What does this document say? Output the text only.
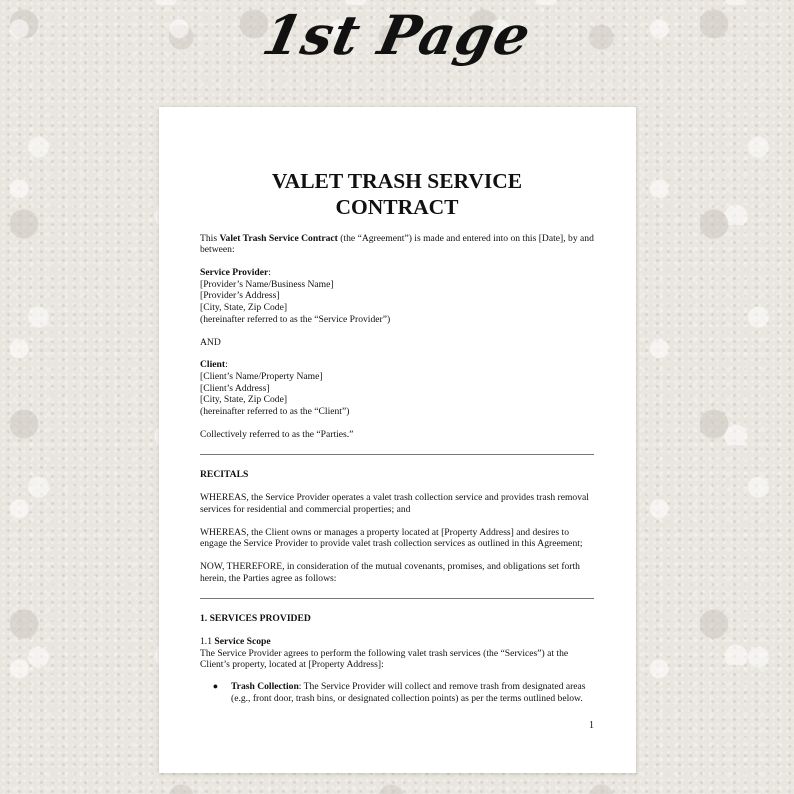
1st Page
VALET TRASH SERVICE
CONTRACT

This Valet Trash Service Contract (the “Agreement”) is made and entered into on this [Date], by and between:

Service Provider:

[Provider’s Name/Business Name]

[Provider’s Address]

[City, State, Zip Code]

(hereinafter referred to as the “Service Provider”)

AND

Client:

[Client’s Name/Property Name]

[Client’s Address]

[City, State, Zip Code]

(hereinafter referred to as the “Client”)

Collectively referred to as the “Parties.”

RECITALS

WHEREAS, the Service Provider operates a valet trash collection service and provides trash removal services for residential and commercial properties; and

WHEREAS, the Client owns or manages a property located at [Property Address] and desires to engage the Service Provider to provide valet trash collection services as outlined in this Agreement;

NOW, THEREFORE, in consideration of the mutual covenants, promises, and obligations set forth herein, the Parties agree as follows:

1. SERVICES PROVIDED

1.1 Service Scope

The Service Provider agrees to perform the following valet trash services (the “Services”) at the Client’s property, located at [Property Address]:

●	Trash Collection: The Service Provider will collect and remove trash from designated areas (e.g., front door, trash bins, or designated collection points) as per the terms outlined below.
1
